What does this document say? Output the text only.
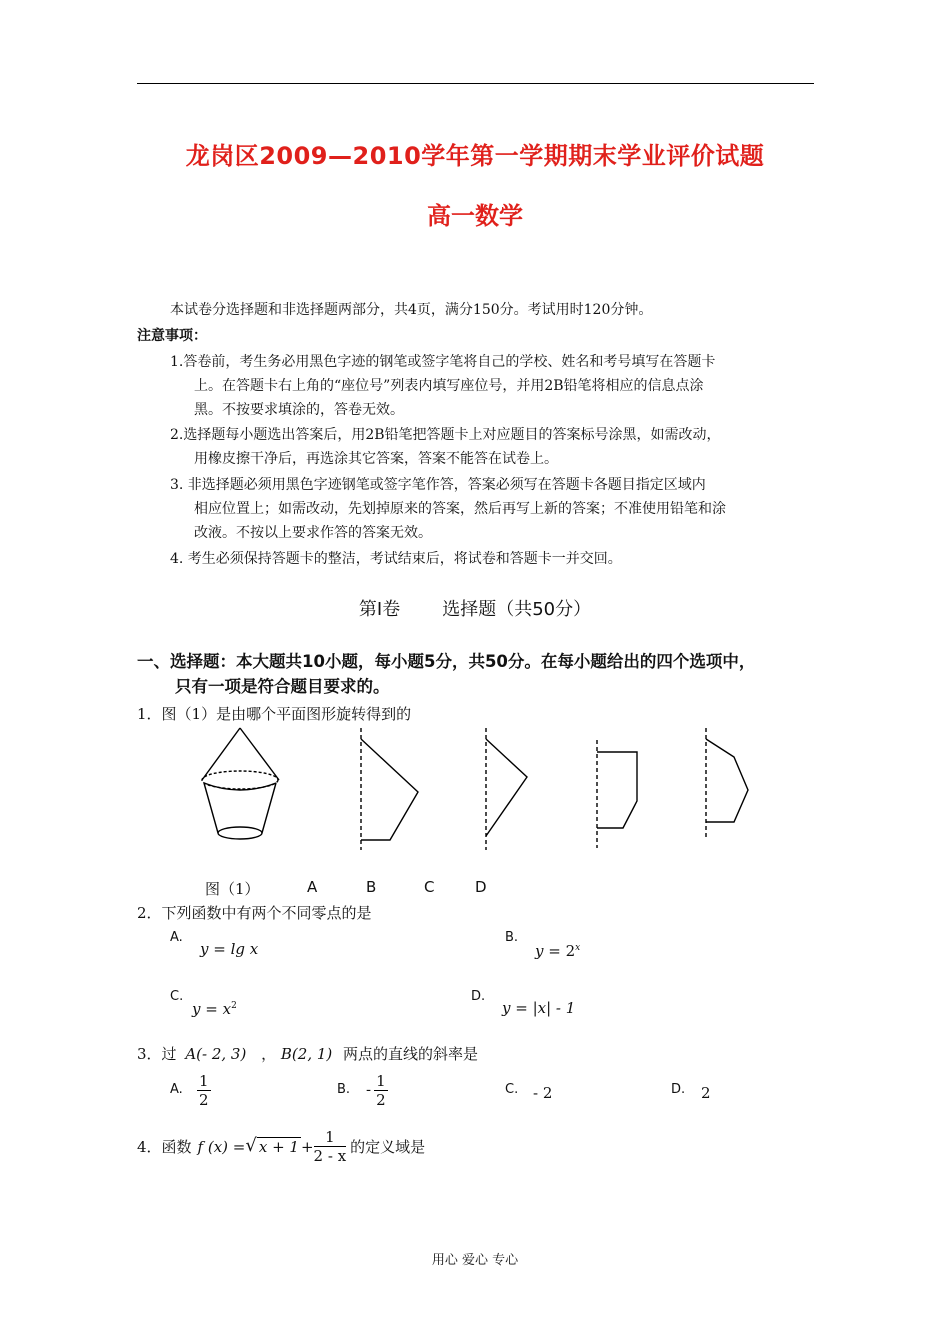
龙岗区2009—2010学年第一学期期末学业评价试题
高一数学
本试卷分选择题和非选择题两部分，共4页，满分150分。考试用时120分钟。
注意事项：
1.答卷前，考生务必用黑色字迹的钢笔或签字笔将自己的学校、姓名和考号填写在答题卡
上。在答题卡右上角的“座位号”列表内填写座位号，并用2B铅笔将相应的信息点涂
黑。不按要求填涂的，答卷无效。
2.选择题每小题选出答案后，用2B铅笔把答题卡上对应题目的答案标号涂黑，如需改动，
用橡皮擦干净后，再选涂其它答案，答案不能答在试卷上。
3. 非选择题必须用黑色字迹钢笔或签字笔作答，答案必须写在答题卡各题目指定区域内
相应位置上；如需改动，先划掉原来的答案，然后再写上新的答案；不准使用铅笔和涂
改液。不按以上要求作答的答案无效。
4. 考生必须保持答题卡的整洁，考试结束后，将试卷和答题卡一并交回。
第Ⅰ卷 选择题（共50分）
一、选择题：本大题共10小题，每小题5分，共50分。在每小题给出的四个选项中，
只有一项是符合题目要求的。
1．图（1）是由哪个平面图形旋转得到的
图（1）	A	B	C	D
2．下列函数中有两个不同零点的是
A.
y = lg x
B.
$y = 2^x$
C.
$y = x^2$
D.
y = |x| - 1
3．过 A(- 2, 3) ， B(2, 1) 两点的直线的斜率是
A. $\frac{1}{2}$	B. - $\frac{1}{2}$	C. - 2	D. 2
4．函数 f (x) = √ $x + 1 + \frac{1}{2 - x}$ 的定义域是
用心 爱心 专心
